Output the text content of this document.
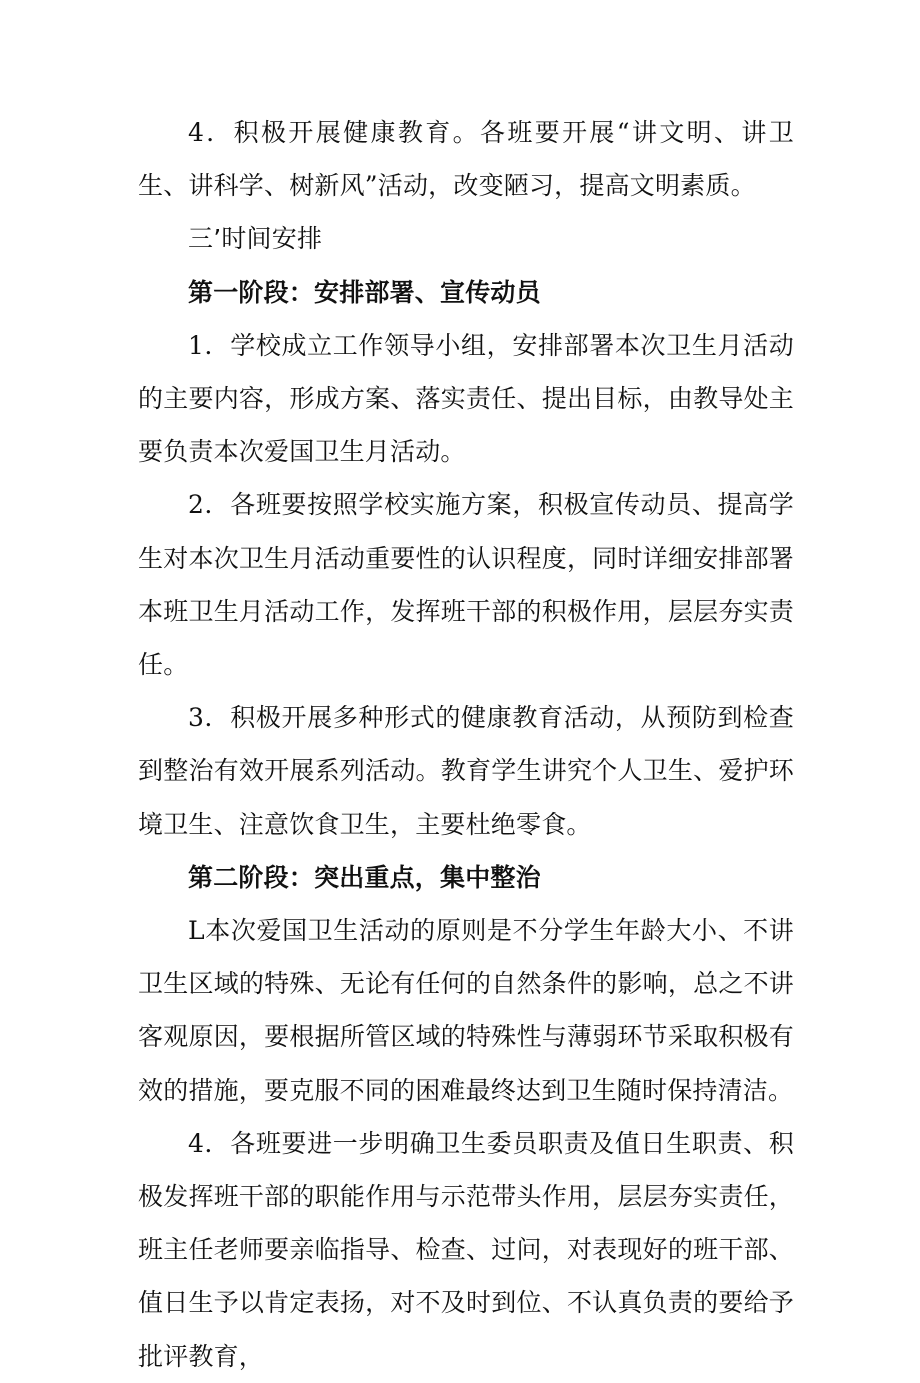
4．积极开展健康教育。各班要开展“讲文明、讲卫生、讲科学、树新风”活动，改变陋习，提高文明素质。

三’时间安排

第一阶段：安排部署、宣传动员

1．学校成立工作领导小组，安排部署本次卫生月活动的主要内容，形成方案、落实责任、提出目标，由教导处主要负责本次爱国卫生月活动。

2．各班要按照学校实施方案，积极宣传动员、提高学生对本次卫生月活动重要性的认识程度，同时详细安排部署本班卫生月活动工作，发挥班干部的积极作用，层层夯实责任。

3．积极开展多种形式的健康教育活动，从预防到检查到整治有效开展系列活动。教育学生讲究个人卫生、爱护环境卫生、注意饮食卫生，主要杜绝零食。

第二阶段：突出重点，集中整治

L本次爱国卫生活动的原则是不分学生年龄大小、不讲卫生区域的特殊、无论有任何的自然条件的影响，总之不讲客观原因，要根据所管区域的特殊性与薄弱环节采取积极有效的措施，要克服不同的困难最终达到卫生随时保持清洁。

4．各班要进一步明确卫生委员职责及值日生职责、积极发挥班干部的职能作用与示范带头作用，层层夯实责任，班主任老师要亲临指导、检查、过问，对表现好的班干部、值日生予以肯定表扬，对不及时到位、不认真负责的要给予批评教育，
